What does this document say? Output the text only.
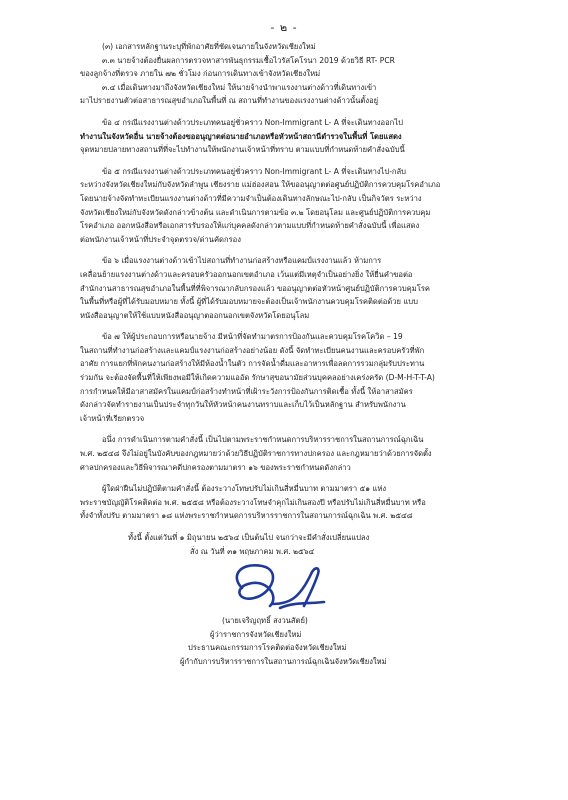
- ๒ -
(๓) เอกสารหลักฐานระบุที่พักอาศัยที่ชัดเจนภายในจังหวัดเชียงใหม่
๓.๓ นายจ้างต้องยื่นผลการตรวจหาสารพันธุกรรมเชื้อไวรัสโคโรนา 2019 ด้วยวิธี RT- PCR
ของลูกจ้างที่ตรวจ ภายใน ๗๒ ชั่วโมง ก่อนการเดินทางเข้าจังหวัดเชียงใหม่
๓.๔ เมื่อเดินทางมาถึงจังหวัดเชียงใหม่ ให้นายจ้างนำพาแรงงานต่างด้าวที่เดินทางเข้า
มาไปรายงานตัวต่อสาธารณสุขอำเภอในพื้นที่ ณ สถานที่ทำงานของแรงงานต่างด้าวนั้นตั้งอยู่
ข้อ ๔ กรณีแรงงานต่างด้าวประเภทคนอยู่ชั่วคราว Non-Immigrant L- A ที่จะเดินทางออกไป
ทำงานในจังหวัดอื่น นายจ้างต้องขออนุญาตต่อนายอำเภอหรือหัวหน้าสถานีตำรวจในพื้นที่ โดยแสดง
จุดหมายปลายทางสถานที่ที่จะไปทำงานให้พนักงานเจ้าหน้าที่ทราบ ตามแบบที่กำหนดท้ายคำสั่งฉบับนี้
ข้อ ๕ กรณีแรงงานต่างด้าวประเภทคนอยู่ชั่วคราว Non-Immigrant L- A ที่จะเดินทางไป-กลับ
ระหว่างจังหวัดเชียงใหม่กับจังหวัดลำพูน เชียงราย แม่ฮ่องสอน ให้ขออนุญาตต่อศูนย์ปฏิบัติการควบคุมโรคอำเภอ
โดยนายจ้างจัดทำทะเบียนแรงงานต่างด้าวที่มีความจำเป็นต้องเดินทางลักษณะไป-กลับ เป็นกิจวัตร ระหว่าง
จังหวัดเชียงใหม่กับจังหวัดดังกล่าวข้างต้น และดำเนินการตามข้อ ๓.๒ โดยอนุโลม และศูนย์ปฏิบัติการควบคุม
โรคอำเภอ ออกหนังสือหรือเอกสารรับรองให้แก่บุคคลดังกล่าวตามแบบที่กำหนดท้ายคำสั่งฉบับนี้ เพื่อแสดง
ต่อพนักงานเจ้าหน้าที่ประจำจุดตรวจ/ด่านคัดกรอง
ข้อ ๖ เมื่อแรงงานต่างด้าวเข้าไปสถานที่ทำงานก่อสร้างหรือแคมป์แรงงานแล้ว ห้ามการ
เคลื่อนย้ายแรงงานต่างด้าวและครอบครัวออกนอกเขตอำเภอ เว้นแต่มีเหตุจำเป็นอย่างยิ่ง ให้ยื่นคำขอต่อ
สำนักงานสาธารณสุขอำเภอในพื้นที่ที่พิจารณากลับกรองแล้ว ขออนุญาตต่อหัวหน้าศูนย์ปฏิบัติการควบคุมโรค
ในพื้นที่หรือผู้ที่ได้รับมอบหมาย ทั้งนี้ ผู้ที่ได้รับมอบหมายจะต้องเป็นเจ้าพนักงานควบคุมโรคติดต่อด้วย แบบ
หนังสืออนุญาตให้ใช้แบบหนังสืออนุญาตออกนอกเขตจังหวัดโดยอนุโลม
ข้อ ๗ ให้ผู้ประกอบการหรือนายจ้าง มีหน้าที่จัดทำมาตรการป้องกันและควบคุมโรคโควิด – 19
ในสถานที่ทำงานก่อสร้างและแคมป์แรงงานก่อสร้างอย่างน้อย ดังนี้ จัดทำทะเบียนคนงานและครอบครัวที่พัก
อาศัย การแยกที่พักคนงานก่อสร้างให้มีห้องน้ำในตัว การจัดน้ำดื่มและอาหารเพื่อลดการรวมกลุ่มรับประทาน
ร่วมกัน จะต้องจัดพื้นที่ให้เพียงพอมีให้เกิดความแออัด รักษาสุขอนามัยส่วนบุคคลอย่างเคร่งครัด (D-M-H-T-T-A)
การกำหนดให้มีอาสาสมัครในแคมป์ก่อสร้างทำหน้าที่เฝ้าระวังการป้องกันการติดเชื้อ ทั้งนี้ ให้อาสาสมัคร
ดังกล่าวจัดทำรายงานเป็นประจำทุกวันให้หัวหน้าคนงานทราบและเก็บไว้เป็นหลักฐาน สำหรับพนักงาน
เจ้าหน้าที่เรียกตรวจ
อนึ่ง การดำเนินการตามคำสั่งนี้ เป็นไปตามพระราชกำหนดการบริหารราชการในสถานการณ์ฉุกเฉิน
พ.ศ. ๒๕๔๘ จึงไม่อยู่ในบังคับของกฎหมายว่าด้วยวิธีปฏิบัติราชการทางปกครอง และกฎหมายว่าด้วยการจัดตั้ง
ศาลปกครองและวิธีพิจารณาคดีปกครองตามมาตรา ๑๖ ของพระราชกำหนดดังกล่าว
ผู้ใดฝ่าฝืนไม่ปฏิบัติตามคำสั่งนี้ ต้องระวางโทษปรับไม่เกินสี่หมื่นบาท ตามมาตรา ๕๑ แห่ง
พระราชบัญญัติโรคติดต่อ พ.ศ. ๒๕๕๘ หรือต้องระวางโทษจำคุกไม่เกินสองปี หรือปรับไม่เกินสี่หมื่นบาท หรือ
ทั้งจำทั้งปรับ ตามมาตรา ๑๘ แห่งพระราชกำหนดการบริหารราชการในสถานการณ์ฉุกเฉิน พ.ศ. ๒๕๔๘
ทั้งนี้ ตั้งแต่วันที่ ๑ มิถุนายน ๒๕๖๔ เป็นต้นไป จนกว่าจะมีคำสั่งเปลี่ยนแปลง
สั่ง ณ วันที่ ๓๑ พฤษภาคม พ.ศ. ๒๕๖๔
(นายเจริญฤทธิ์ สงวนสัตย์)
ผู้ว่าราชการจังหวัดเชียงใหม่
ประธานคณะกรรมการโรคติดต่อจังหวัดเชียงใหม่
ผู้กำกับการบริหารราชการในสถานการณ์ฉุกเฉินจังหวัดเชียงใหม่
